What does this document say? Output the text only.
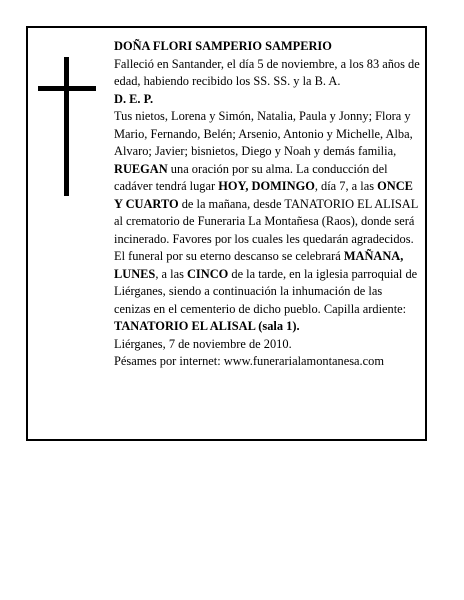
DOÑA FLORI SAMPERIO SAMPERIO

Falleció en Santander, el día 5 de noviembre, a los 83 años de edad, habiendo recibido los SS. SS. y la B. A.

D. E. P.

Tus nietos, Lorena y Simón, Natalia, Paula y Jonny; Flora y Mario, Fernando, Belén; Arsenio, Antonio y Michelle, Alba, Alvaro; Javier; bisnietos, Diego y Noah y demás familia,

RUEGAN una oración por su alma. La conducción del cadáver tendrá lugar HOY, DOMINGO, día 7, a las ONCE Y CUARTO de la mañana, desde TANATORIO EL ALISAL al crematorio de Funeraria La Montañesa (Raos), donde será incinerado. Favores por los cuales les quedarán agradecidos. El funeral por su eterno descanso se celebrará MAÑANA, LUNES, a las CINCO de la tarde, en la iglesia parroquial de Liérganes, siendo a continuación la inhumación de las cenizas en el cementerio de dicho pueblo. Capilla ardiente: TANATORIO EL ALISAL (sala 1).

Liérganes, 7 de noviembre de 2010.

Pésames por internet: www.funerarialamontanesa.com
